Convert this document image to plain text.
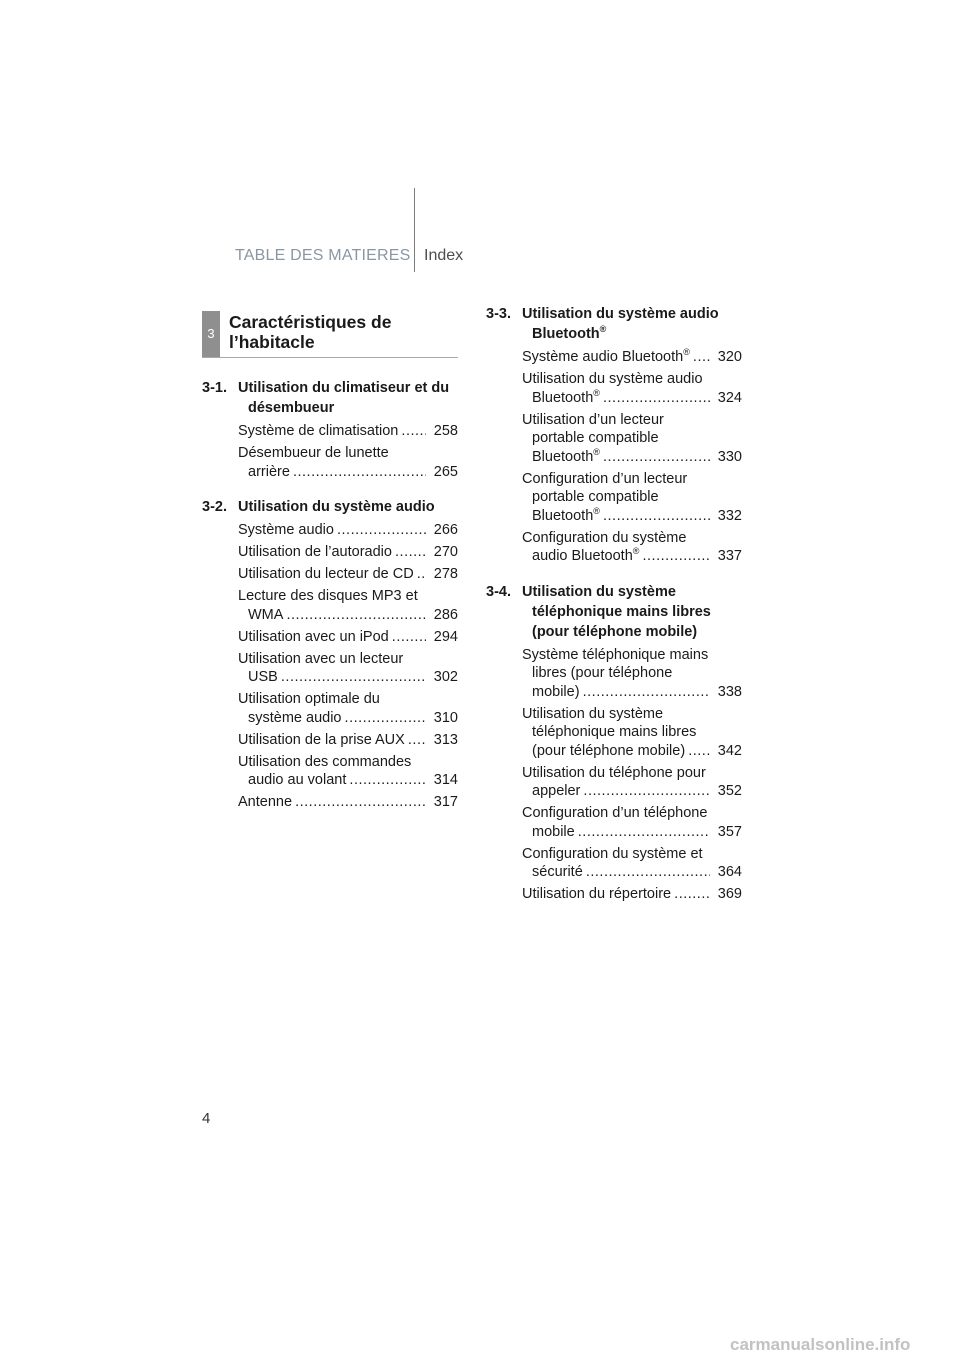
TABLE DES MATIERES Index
3
Caractéristiques de l’habitacle
3-1. Utilisation du climatiseur et du désembueur
Système de climatisation .....	258
Désembueur de lunette arrière .....	265
3-2. Utilisation du système audio
Système audio .....	266
Utilisation de l’autoradio .....	270
Utilisation du lecteur de CD .....	278
Lecture des disques MP3 et WMA .....	286
Utilisation avec un iPod .....	294
Utilisation avec un lecteur USB .....	302
Utilisation optimale du système audio .....	310
Utilisation de la prise AUX .....	313
Utilisation des commandes audio au volant .....	314
Antenne .....	317
3-3. Utilisation du système audio Bluetooth®
Système audio Bluetooth® .....	320
Utilisation du système audio Bluetooth® .....	324
Utilisation d’un lecteur portable compatible Bluetooth® .....	330
Configuration d’un lecteur portable compatible Bluetooth® .....	332
Configuration du système audio Bluetooth® .....	337
3-4. Utilisation du système téléphonique mains libres (pour téléphone mobile)
Système téléphonique mains libres (pour téléphone mobile) .....	338
Utilisation du système téléphonique mains libres (pour téléphone mobile) .....	342
Utilisation du téléphone pour appeler .....	352
Configuration d’un téléphone mobile .....	357
Configuration du système et sécurité .....	364
Utilisation du répertoire .....	369
4
carmanualsonline.info
